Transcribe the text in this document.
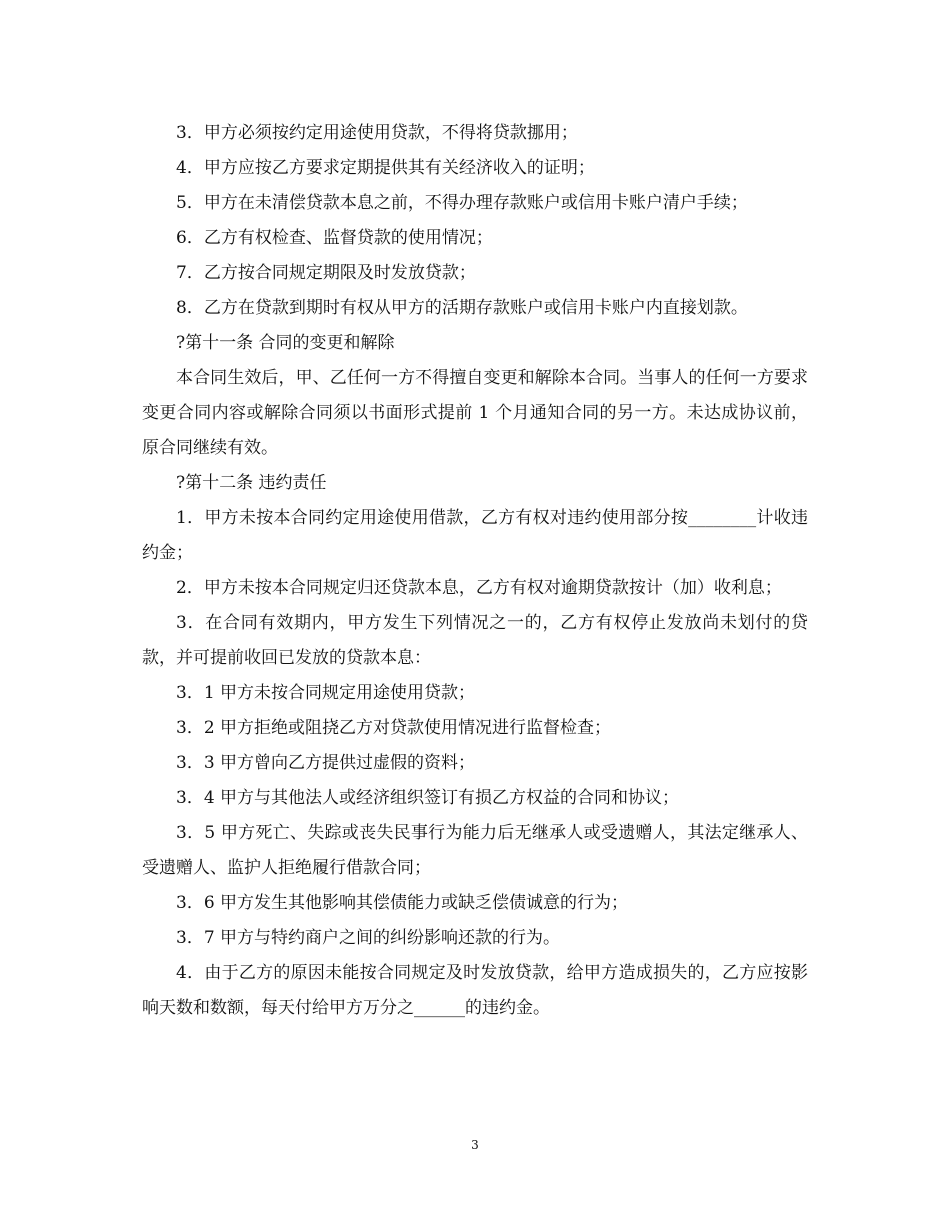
3．甲方必须按约定用途使用贷款，不得将贷款挪用；

4．甲方应按乙方要求定期提供其有关经济收入的证明；

5．甲方在未清偿贷款本息之前，不得办理存款账户或信用卡账户清户手续；

6．乙方有权检查、监督贷款的使用情况；

7．乙方按合同规定期限及时发放贷款；

8．乙方在贷款到期时有权从甲方的活期存款账户或信用卡账户内直接划款。

?第十一条 合同的变更和解除

本合同生效后，甲、乙任何一方不得擅自变更和解除本合同。当事人的任何一方要求变更合同内容或解除合同须以书面形式提前 1 个月通知合同的另一方。未达成协议前，原合同继续有效。

?第十二条 违约责任

1．甲方未按本合同约定用途使用借款，乙方有权对违约使用部分按________计收违约金；

2．甲方未按本合同规定归还贷款本息，乙方有权对逾期贷款按计（加）收利息；

3．在合同有效期内，甲方发生下列情况之一的，乙方有权停止发放尚未划付的贷款，并可提前收回已发放的贷款本息：

3．1 甲方未按合同规定用途使用贷款；

3．2 甲方拒绝或阻挠乙方对贷款使用情况进行监督检查；

3．3 甲方曾向乙方提供过虚假的资料；

3．4 甲方与其他法人或经济组织签订有损乙方权益的合同和协议；

3．5 甲方死亡、失踪或丧失民事行为能力后无继承人或受遗赠人，其法定继承人、受遗赠人、监护人拒绝履行借款合同；

3．6 甲方发生其他影响其偿债能力或缺乏偿债诚意的行为；

3．7 甲方与特约商户之间的纠纷影响还款的行为。

4．由于乙方的原因未能按合同规定及时发放贷款，给甲方造成损失的，乙方应按影响天数和数额，每天付给甲方万分之______的违约金。

3
